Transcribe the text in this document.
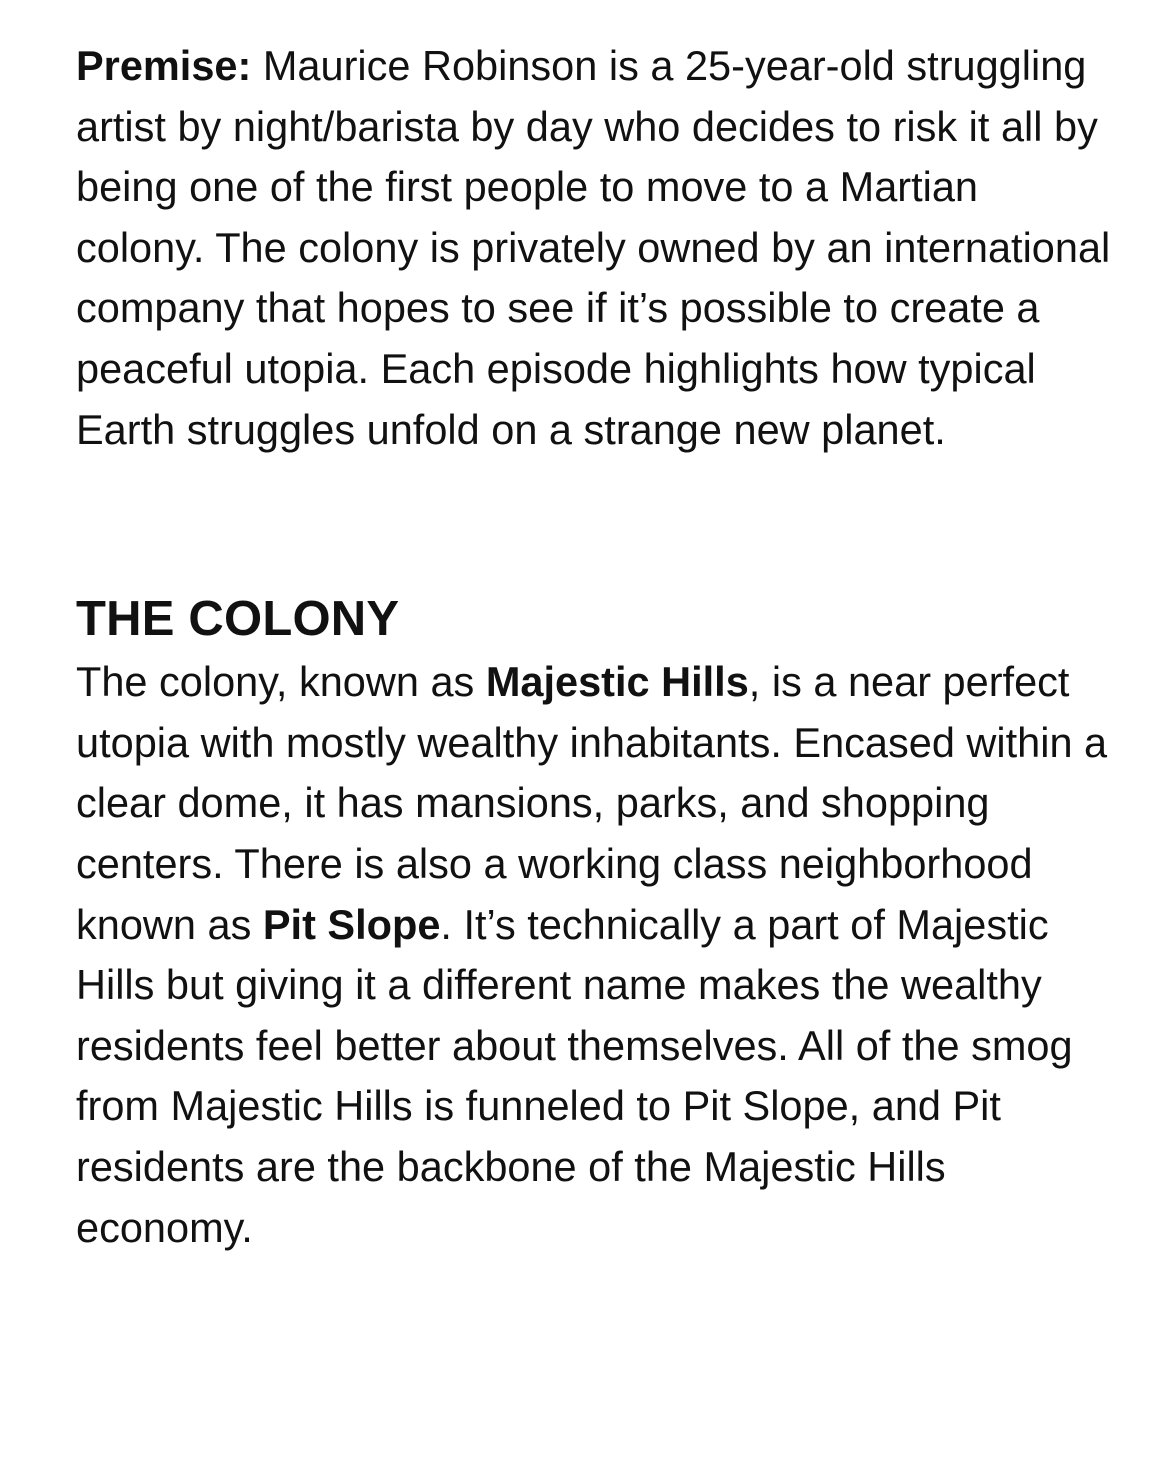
Premise: Maurice Robinson is a 25-year-old struggling artist by night/barista by day who decides to risk it all by being one of the first people to move to a Martian colony. The colony is privately owned by an international company that hopes to see if it’s possible to create a peaceful utopia. Each episode highlights how typical Earth struggles unfold on a strange new planet.

THE COLONY

The colony, known as Majestic Hills, is a near perfect utopia with mostly wealthy inhabitants. Encased within a clear dome, it has mansions, parks, and shopping centers. There is also a working class neighborhood known as Pit Slope. It’s technically a part of Majestic Hills but giving it a different name makes the wealthy residents feel better about themselves. All of the smog from Majestic Hills is funneled to Pit Slope, and Pit residents are the backbone of the Majestic Hills economy.
